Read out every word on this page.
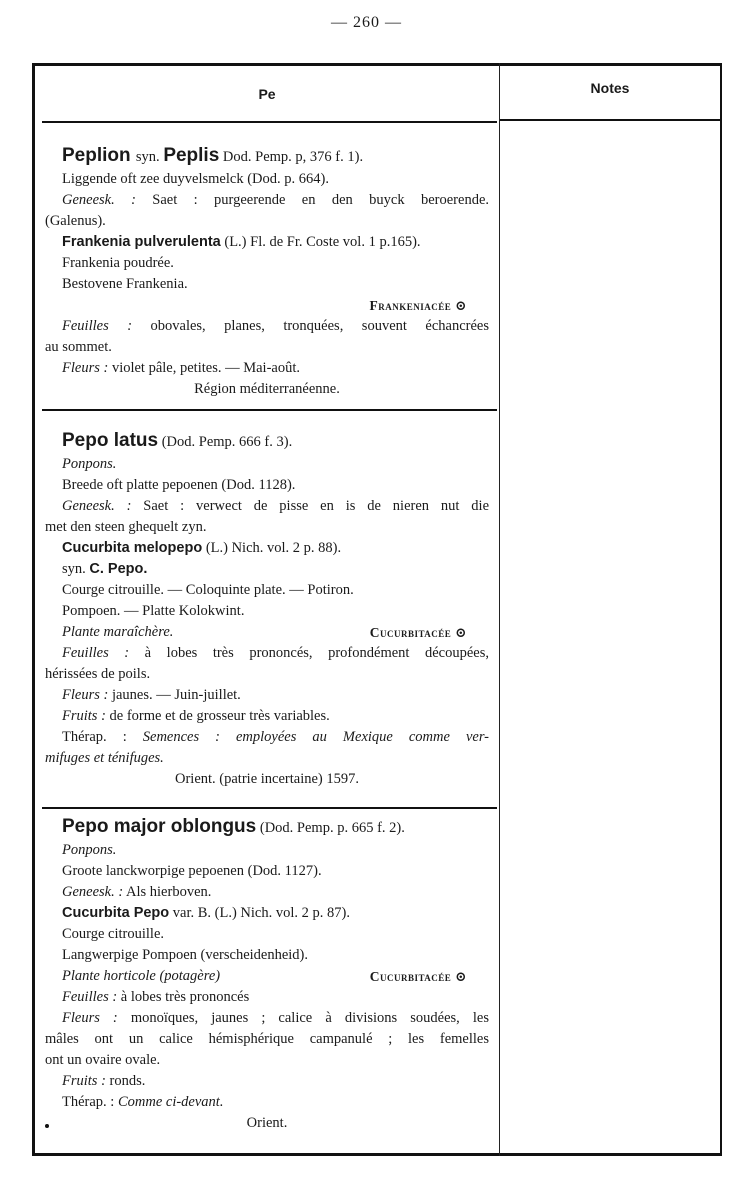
— 260 —
Pe	Notes
Peplion syn. Peplis Dod. Pemp. p, 376 f. 1).
Liggende oft zee duyvelsmelck (Dod. p. 664).
Geneesk. : Saet : purgeerende en den buyck beroerende.
(Galenus).
Frankenia pulverulenta (L.) Fl. de Fr. Coste vol. 1 p.165).
Frankenia poudrée.
Bestovene Frankenia.
Frankeniacée ⊙
Feuilles : obovales, planes, tronquées, souvent échancrées
au sommet.
Fleurs : violet pâle, petites. — Mai-août.
Région méditerranéenne.
Pepo latus (Dod. Pemp. 666 f. 3).
Ponpons.
Breede oft platte pepoenen (Dod. 1128).
Geneesk. : Saet : verwect de pisse en is de nieren nut die
met den steen ghequelt zyn.
Cucurbita melopepo (L.) Nich. vol. 2 p. 88).
syn. C. Pepo.
Courge citrouille. — Coloquinte plate. — Potiron.
Pompoen. — Platte Kolokwint.
Plante maraîchère.	Cucurbitacée ⊙
Feuilles : à lobes très prononcés, profondément découpées,
hérissées de poils.
Fleurs : jaunes. — Juin-juillet.
Fruits : de forme et de grosseur très variables.
Thérap. : Semences : employées au Mexique comme ver-
mifuges et ténifuges.
Orient. (patrie incertaine) 1597.
Pepo major oblongus (Dod. Pemp. p. 665 f. 2).
Ponpons.
Groote lanckworpige pepoenen (Dod. 1127).
Geneesk. : Als hierboven.
Cucurbita Pepo var. B. (L.) Nich. vol. 2 p. 87).
Courge citrouille.
Langwerpige Pompoen (verscheidenheid).
Plante horticole (potagère)	Cucurbitacée ⊙
Feuilles : à lobes très prononcés
Fleurs : monoïques, jaunes ; calice à divisions soudées, les
mâles ont un calice hémisphérique campanulé ; les femelles
ont un ovaire ovale.
Fruits : ronds.
Thérap. : Comme ci-devant.
Orient.
